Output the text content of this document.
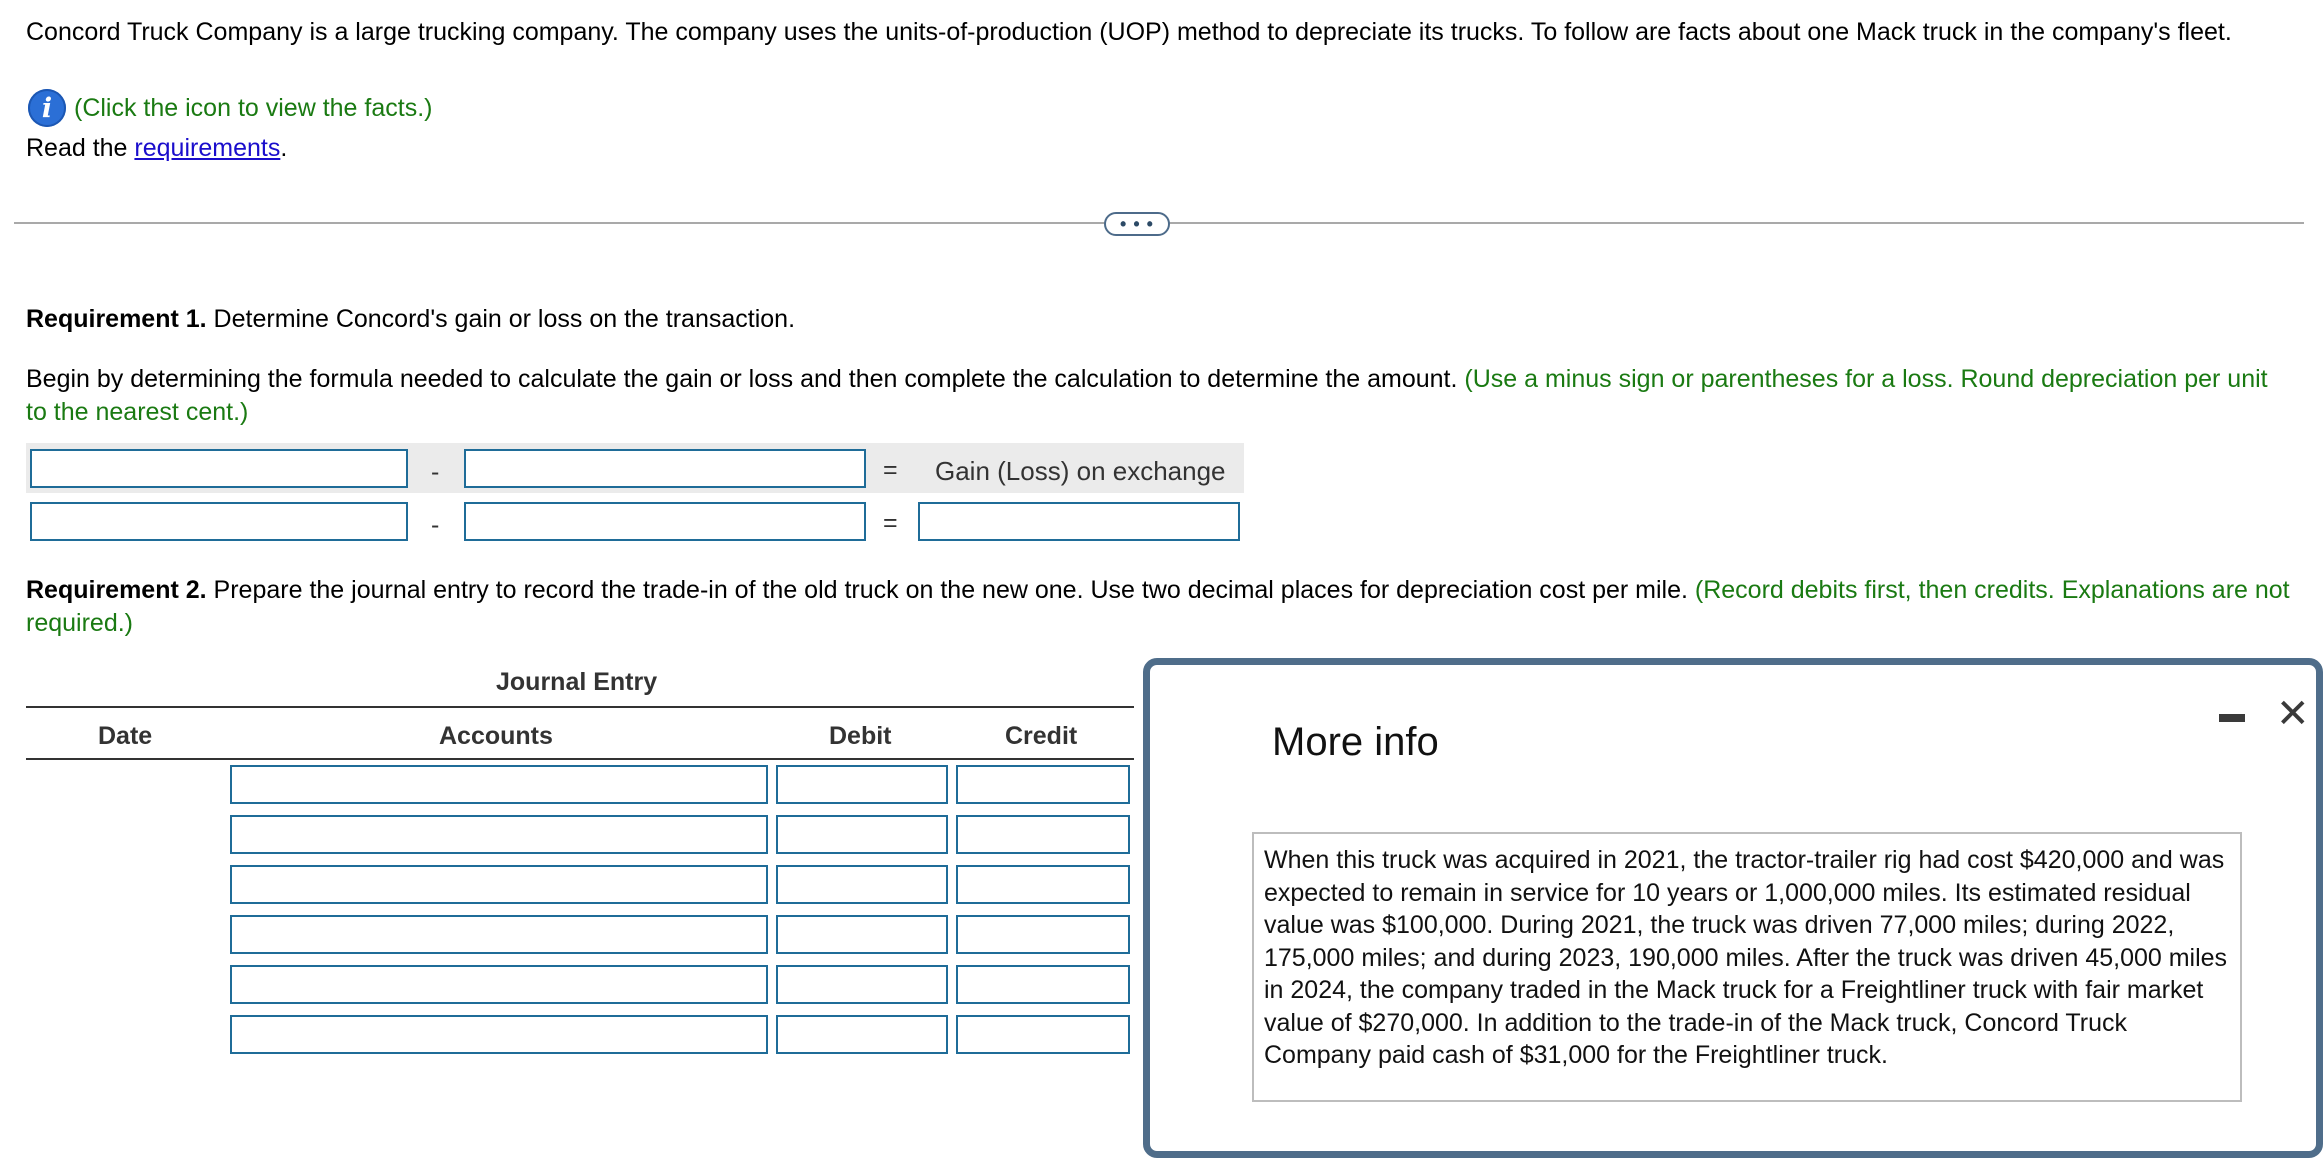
Concord Truck Company is a large trucking company. The company uses the units-of-production (UOP) method to depreciate its trucks. To follow are facts about one Mack truck in the company's fleet.
i (Click the icon to view the facts.)
Read the requirements.
• • •
Requirement 1. Determine Concord's gain or loss on the transaction.
Begin by determining the formula needed to calculate the gain or loss and then complete the calculation to determine the amount. (Use a minus sign or parentheses for a loss. Round depreciation per unit to the nearest cent.)
-	= Gain (Loss) on exchange
-	=
Requirement 2. Prepare the journal entry to record the trade-in of the old truck on the new one. Use two decimal places for depreciation cost per mile. (Record debits first, then credits. Explanations are not required.)
Journal Entry
Date	Accounts	Debit	Credit	More info
✕
When this truck was acquired in 2021, the tractor-trailer rig had cost $420,000 and was expected to remain in service for 10 years or 1,000,000 miles. Its estimated residual value was $100,000. During 2021, the truck was driven 77,000 miles; during 2022, 175,000 miles; and during 2023, 190,000 miles. After the truck was driven 45,000 miles in 2024, the company traded in the Mack truck for a Freightliner truck with fair market value of $270,000. In addition to the trade-in of the Mack truck, Concord Truck Company paid cash of $31,000 for the Freightliner truck.
